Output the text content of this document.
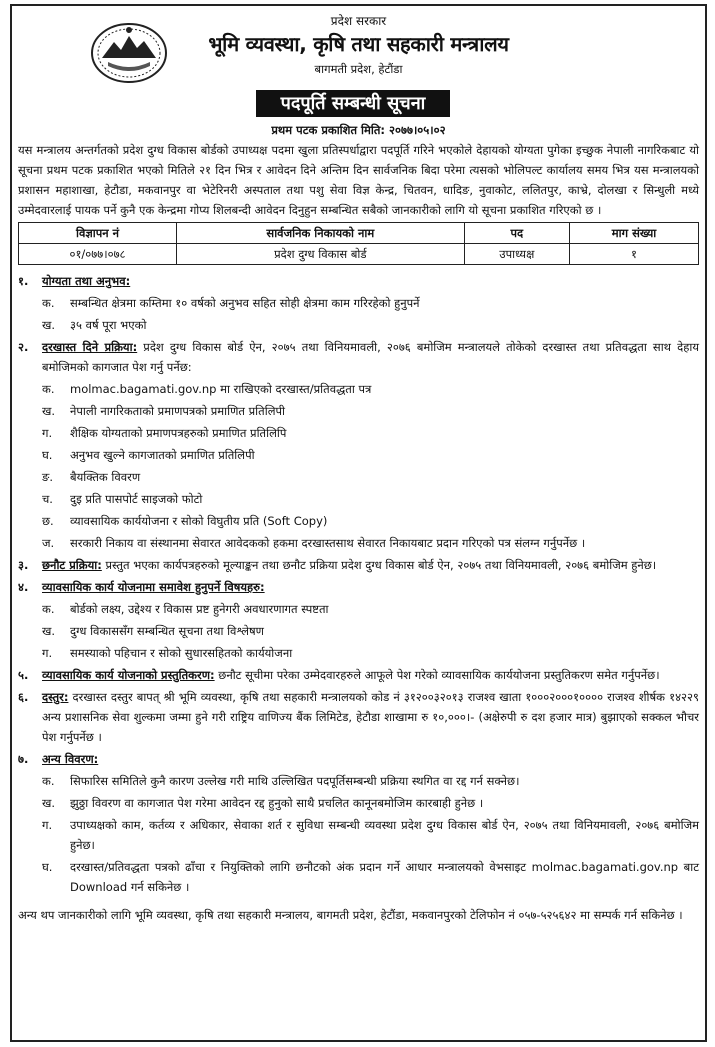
प्रदेश सरकार
भूमि व्यवस्था, कृषि तथा सहकारी मन्त्रालय
बागमती प्रदेश, हेटौंडा
पदपूर्ति सम्बन्धी सूचना
प्रथम पटक प्रकाशित मिति: २०७७।०५।०२

यस मन्त्रालय अन्तर्गतको प्रदेश दुग्ध विकास बोर्डको उपाध्यक्ष पदमा खुला प्रतिस्पर्धाद्वारा पदपूर्ति गरिने भएकोले देहायको योग्यता पुगेका इच्छुक नेपाली नागरिकबाट यो सूचना प्रथम पटक प्रकाशित भएको मितिले २१ दिन भित्र र आवेदन दिने अन्तिम दिन सार्वजनिक बिदा परेमा त्यसको भोलिपल्ट कार्यालय समय भित्र यस मन्त्रालयको प्रशासन महाशाखा, हेटौडा, मकवानपुर वा भेटेरिनरी अस्पताल तथा पशु सेवा विज्ञ केन्द्र, चितवन, धादिङ, नुवाकोट, ललितपुर, काभ्रे, दोलखा र सिन्धुली मध्ये उम्मेदवारलाई पायक पर्ने कुनै एक केन्द्रमा गोप्य शिलबन्दी आवेदन दिनुहुन सम्बन्धित सबैको जानकारीको लागि यो सूचना प्रकाशित गरिएको छ ।

विज्ञापन नं	सार्वजनिक निकायको नाम	पद	माग संख्या
०१/०७७।०७८	प्रदेश दुग्ध विकास बोर्ड	उपाध्यक्ष	१
१.	योग्यता तथा अनुभव:
क.	सम्बन्धित क्षेत्रमा कम्तिमा १० वर्षको अनुभव सहित सोही क्षेत्रमा काम गरिरहेको हुनुपर्ने
ख.	३५ वर्ष पूरा भएको
२.	दरखास्त दिने प्रक्रिया: प्रदेश दुग्ध विकास बोर्ड ऐन, २०७५ तथा विनियमावली, २०७६ बमोजिम मन्त्रालयले तोकेको दरखास्त तथा प्रतिवद्धता साथ देहाय बमोजिमको कागजात पेश गर्नु पर्नेछ:
क.	molmac.bagamati.gov.np मा राखिएको दरखास्त/प्रतिवद्धता पत्र
ख.	नेपाली नागरिकताको प्रमाणपत्रको प्रमाणित प्रतिलिपी
ग.	शैक्षिक योग्यताको प्रमाणपत्रहरुको प्रमाणित प्रतिलिपि
घ.	अनुभव खुल्ने कागजातको प्रमाणित प्रतिलिपी
ङ.	बैयक्तिक विवरण
च.	दुइ प्रति पासपोर्ट साइजको फोटो
छ.	व्यावसायिक कार्ययोजना र सोको विघुतीय प्रति (Soft Copy)
ज.	सरकारी निकाय वा संस्थानमा सेवारत आवेदकको हकमा दरखास्तसाथ सेवारत निकायबाट प्रदान गरिएको पत्र संलग्न गर्नुपर्नेछ ।
३.	छनौट प्रक्रिया: प्रस्तुत भएका कार्यपत्रहरुको मूल्याङ्कन तथा छनौट प्रक्रिया प्रदेश दुग्ध विकास बोर्ड ऐन, २०७५ तथा विनियमावली, २०७६ बमोजिम हुनेछ।
४.	व्यावसायिक कार्य योजनामा समावेश हुनुपर्ने विषयहरु:
क.	बोर्डको लक्ष्य, उद्देश्य र विकास प्रष्ट हुनेगरी अवधारणागत स्पष्टता
ख.	दुग्ध विकाससँग सम्बन्धित सूचना तथा विश्लेषण
ग.	समस्याको पहिचान र सोको सुधारसहितको कार्ययोजना
५.	व्यावसायिक कार्य योजनाको प्रस्तुतिकरण: छनौट सूचीमा परेका उम्मेदवारहरुले आफूले पेश गरेको व्यावसायिक कार्ययोजना प्रस्तुतिकरण समेत गर्नुपर्नेछ।
६.	दस्तुर: दरखास्त दस्तुर बापत् श्री भूमि व्यवस्था, कृषि तथा सहकारी मन्त्रालयको कोड नं ३१२००३२०१३ राजश्व खाता १०००२०००१०००० राजश्व शीर्षक १४२२९ अन्य प्रशासनिक सेवा शुल्कमा जम्मा हुने गरी राष्ट्रिय वाणिज्य बैंक लिमिटेड, हेटौडा शाखामा रु १०,०००।- (अक्षेरुपी रु दश हजार मात्र) बुझाएको सक्कल भौचर पेश गर्नुपर्नेछ ।
७.	अन्य विवरण:
क.	सिफारिस समितिले कुनै कारण उल्लेख गरी माथि उल्लिखित पदपूर्तिसम्बन्धी प्रक्रिया स्थगित वा रद्द गर्न सक्नेछ।
ख.	झुठ्ठा विवरण वा कागजात पेश गरेमा आवेदन रद्द हुनुको साथै प्रचलित कानूनबमोजिम कारबाही हुनेछ ।
ग.	उपाध्यक्षको काम, कर्तव्य र अधिकार, सेवाका शर्त र सुविधा सम्बन्धी व्यवस्था प्रदेश दुग्ध विकास बोर्ड ऐन, २०७५ तथा विनियमावली, २०७६ बमोजिम हुनेछ।
घ.	दरखास्त/प्रतिवद्धता पत्रको ढाँचा र नियुक्तिको लागि छनौटको अंक प्रदान गर्ने आधार मन्त्रालयको वेभसाइट molmac.bagamati.gov.np बाट Download गर्न सकिनेछ ।

अन्य थप जानकारीको लागि भूमि व्यवस्था, कृषि तथा सहकारी मन्त्रालय, बागमती प्रदेश, हेटौंडा, मकवानपुरको टेलिफोन नं ०५७-५२५६४२ मा सम्पर्क गर्न सकिनेछ ।
